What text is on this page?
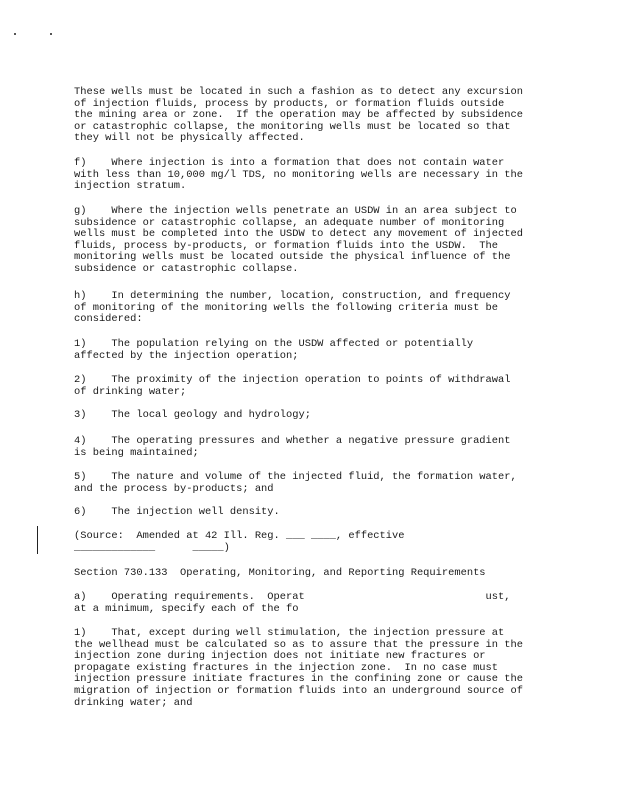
These wells must be located in such a fashion as to detect any excursion
of injection fluids, process by products, or formation fluids outside
the mining area or zone.  If the operation may be affected by subsidence
or catastrophic collapse, the monitoring wells must be located so that
they will not be physically affected.
f)    Where injection is into a formation that does not contain water
with less than 10,000 mg/l TDS, no monitoring wells are necessary in the
injection stratum.
g)    Where the injection wells penetrate an USDW in an area subject to
subsidence or catastrophic collapse, an adequate number of monitoring
wells must be completed into the USDW to detect any movement of injected
fluids, process by-products, or formation fluids into the USDW.  The
monitoring wells must be located outside the physical influence of the
subsidence or catastrophic collapse.
h)    In determining the number, location, construction, and frequency
of monitoring of the monitoring wells the following criteria must be
considered:
1)    The population relying on the USDW affected or potentially
affected by the injection operation;
2)    The proximity of the injection operation to points of withdrawal
of drinking water;
3)    The local geology and hydrology;
4)    The operating pressures and whether a negative pressure gradient
is being maintained;
5)    The nature and volume of the injected fluid, the formation water,
and the process by-products; and
6)    The injection well density.
(Source:  Amended at 42 Ill. Reg. ___ ____, effective
_____________      _____)
Section 730.133  Operating, Monitoring, and Reporting Requirements
a)    Operating requirements.  Operat                             ust,
at a minimum, specify each of the fo
1)    That, except during well stimulation, the injection pressure at
the wellhead must be calculated so as to assure that the pressure in the
injection zone during injection does not initiate new fractures or
propagate existing fractures in the injection zone.  In no case must
injection pressure initiate fractures in the confining zone or cause the
migration of injection or formation fluids into an underground source of
drinking water; and
